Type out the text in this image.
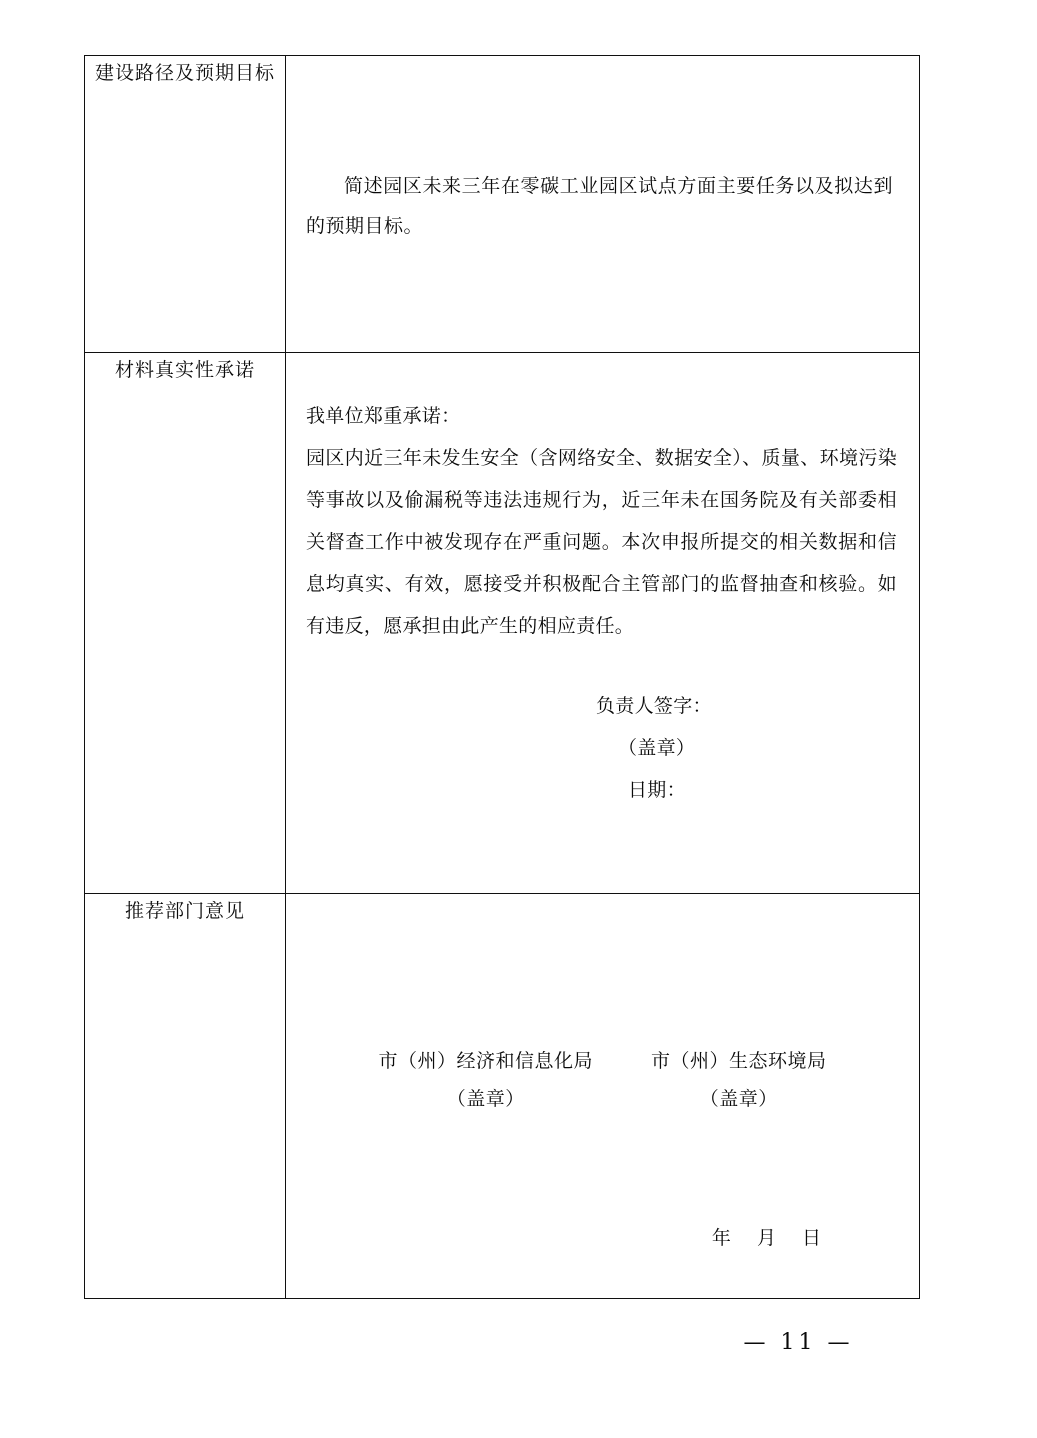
建设路径及预期目标	简述园区未来三年在零碳工业园区试点方面主要任务以及拟达到的预期目标。

材料真实性承诺	我单位郑重承诺：
园区内近三年未发生安全（含网络安全、数据安全）、质量、环境污染等事故以及偷漏税等违法违规行为，近三年未在国务院及有关部委相关督查工作中被发现存在严重问题。本次申报所提交的相关数据和信息均真实、有效，愿接受并积极配合主管部门的监督抽查和核验。如有违反，愿承担由此产生的相应责任。
负责人签字：
（盖章）
日期：

推荐部门意见	市（州）经济和信息化局
（盖章）
市（州）生态环境局
（盖章）
年 月 日
— 11 —
